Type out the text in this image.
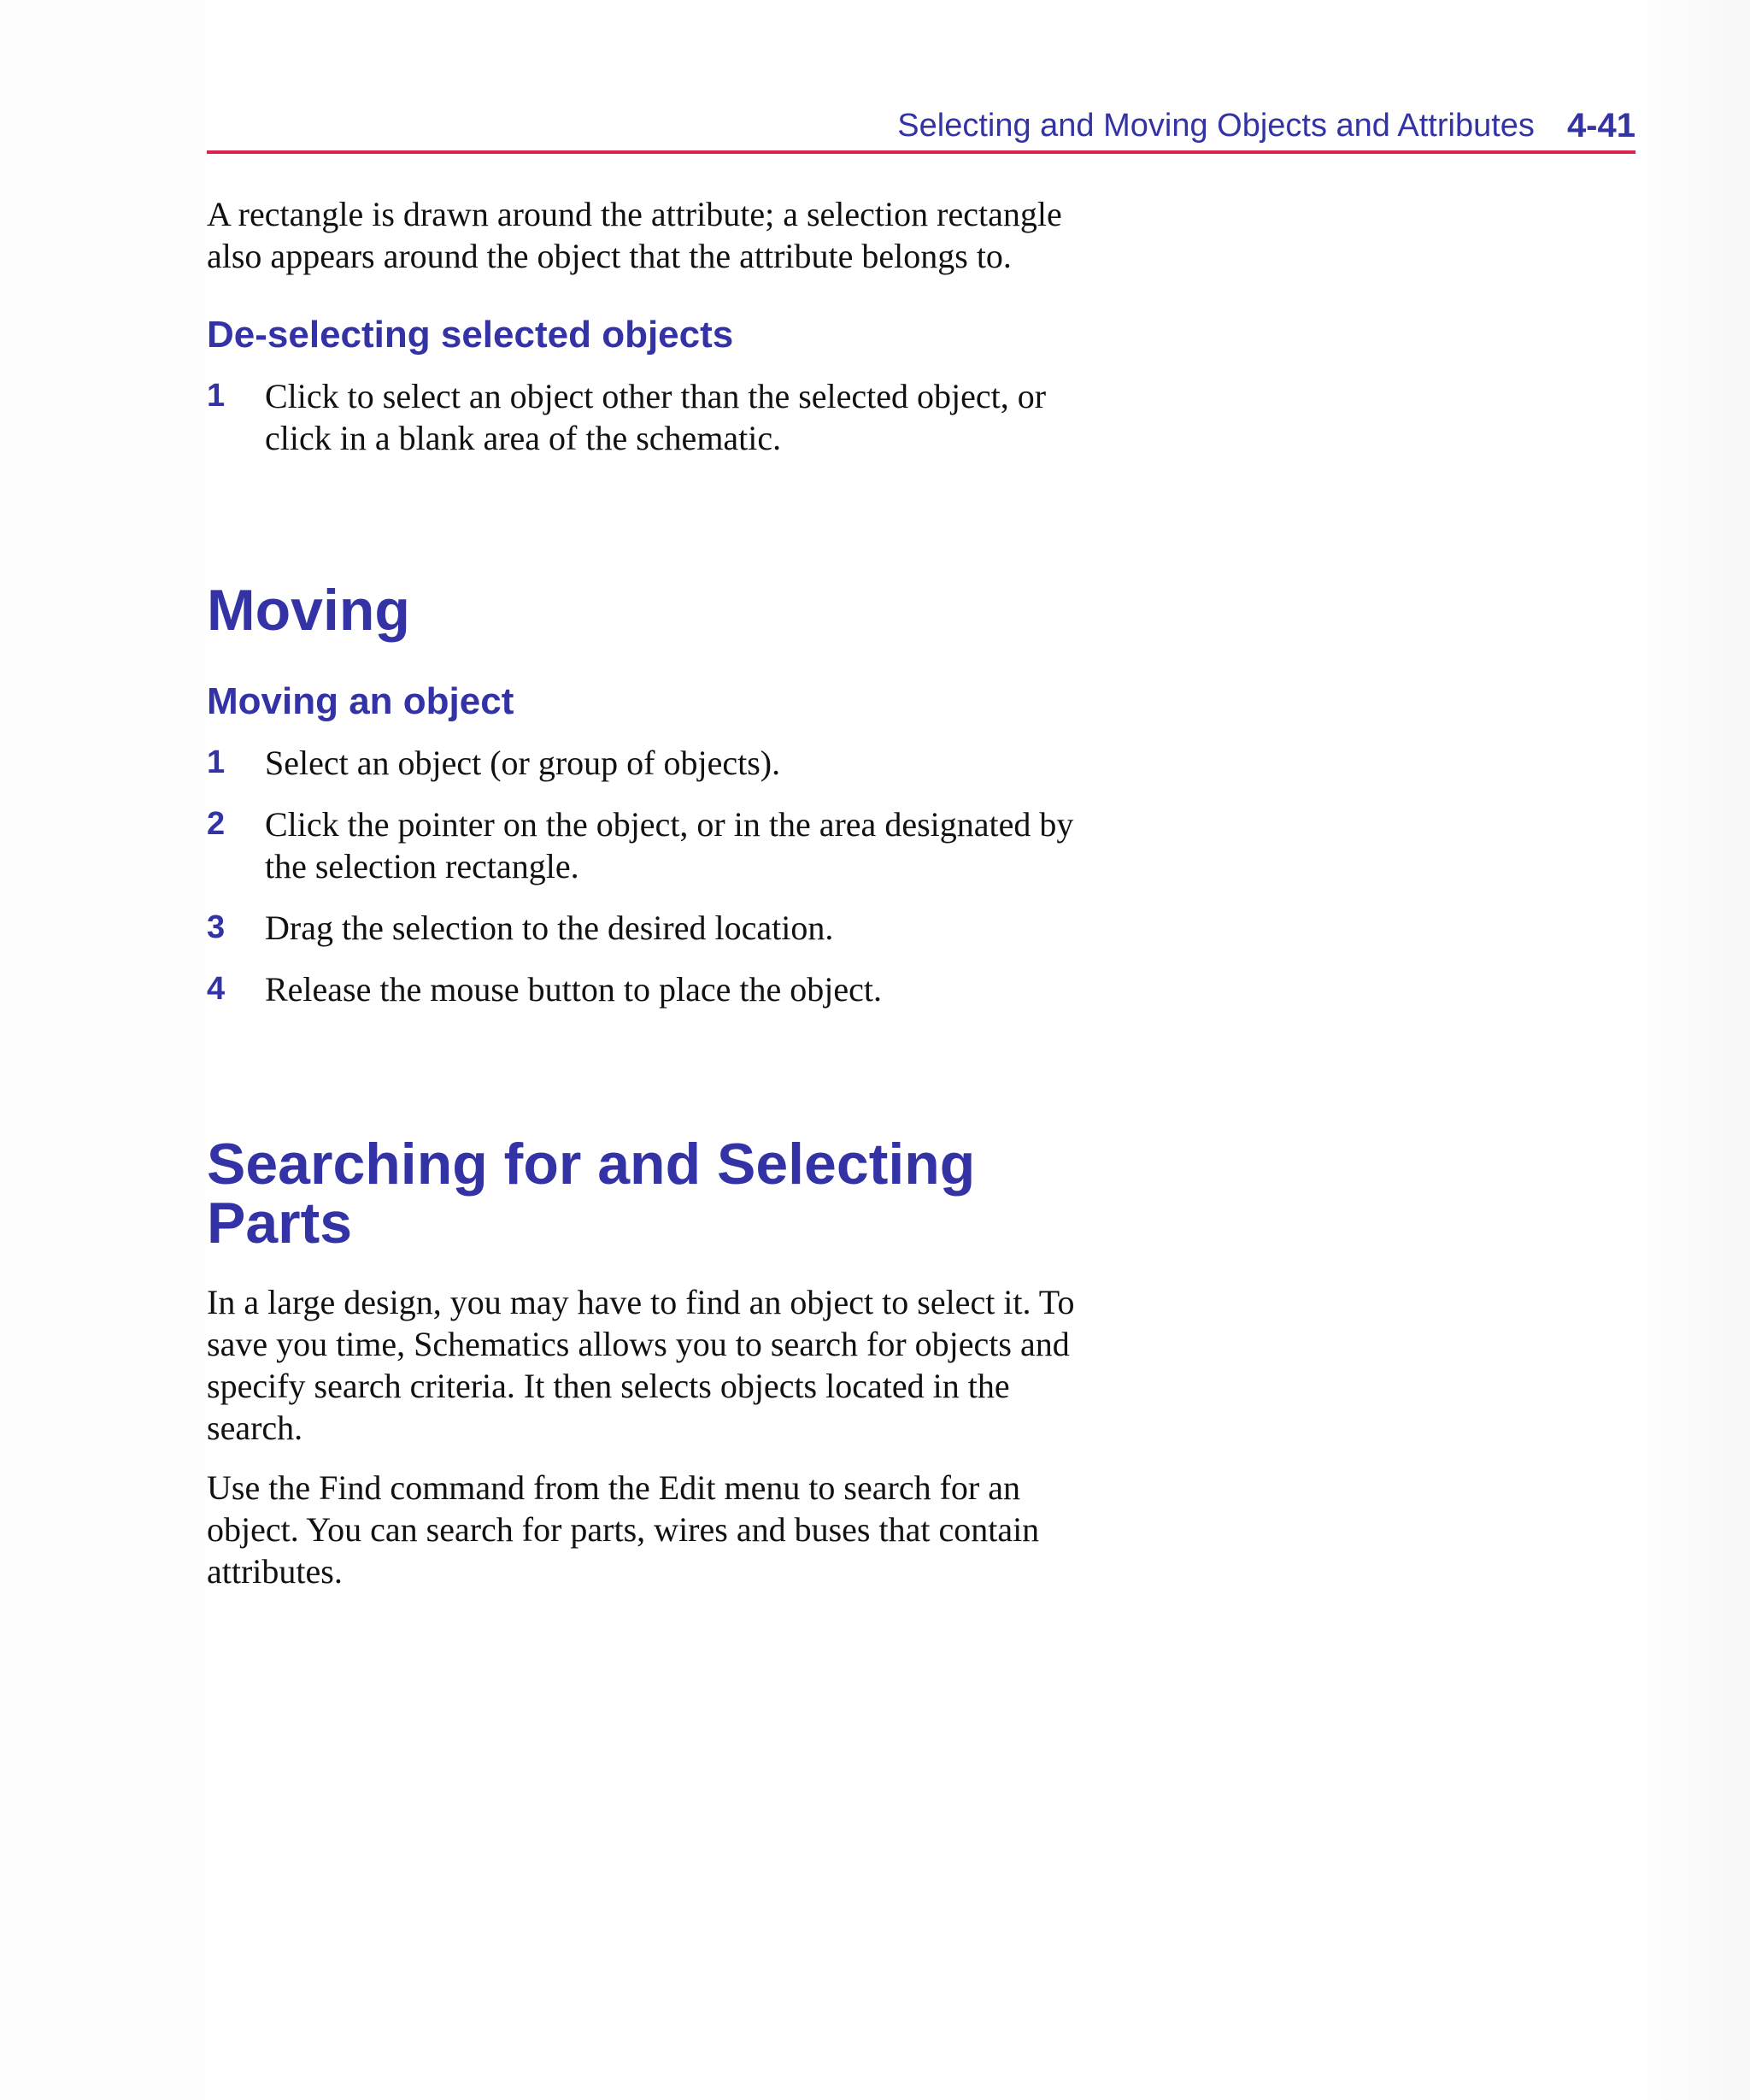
Selecting and Moving Objects and Attributes 4-41

A rectangle is drawn around the attribute; a selection rectangle also appears around the object that the attribute belongs to.

De-selecting selected objects
1	Click to select an object other than the selected object, or click in a blank area of the schematic.
Moving
Moving an object
1	Select an object (or group of objects).
2	Click the pointer on the object, or in the area designated by the selection rectangle.
3	Drag the selection to the desired location.
4	Release the mouse button to place the object.
Searching for and Selecting Parts

In a large design, you may have to find an object to select it. To save you time, Schematics allows you to search for objects and specify search criteria. It then selects objects located in the search.

Use the Find command from the Edit menu to search for an object. You can search for parts, wires and buses that contain attributes.
